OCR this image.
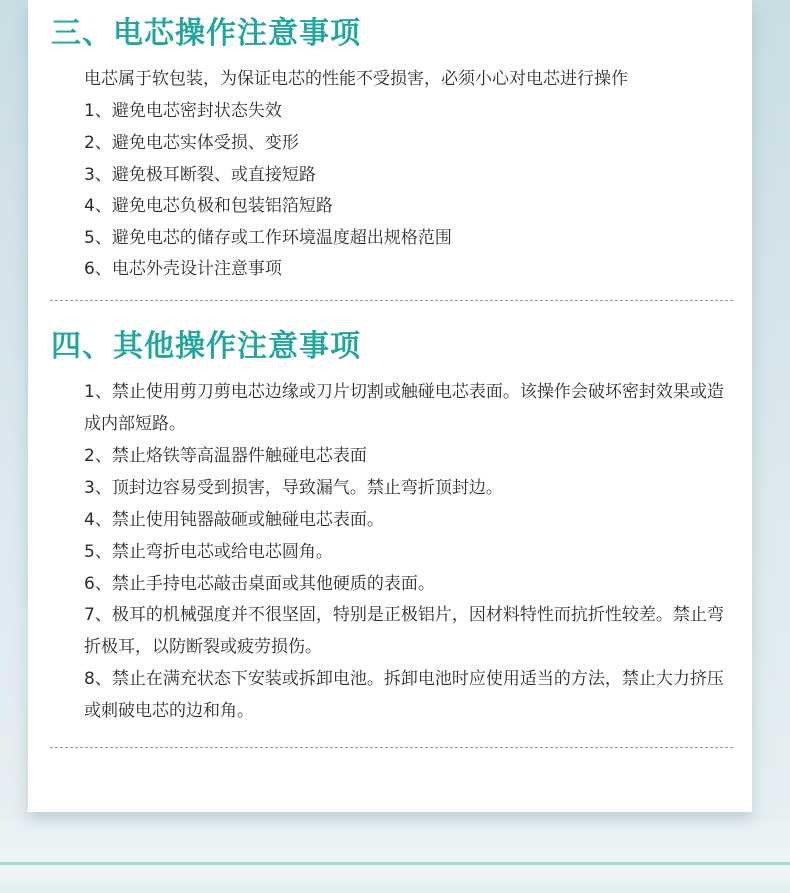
三、电芯操作注意事项

电芯属于软包装，为保证电芯的性能不受损害，必须小心对电芯进行操作

1、避免电芯密封状态失效

2、避免电芯实体受损、变形

3、避免极耳断裂、或直接短路

4、避免电芯负极和包装铝箔短路

5、避免电芯的储存或工作环境温度超出规格范围

6、电芯外壳设计注意事项

四、其他操作注意事项

1、禁止使用剪刀剪电芯边缘或刀片切割或触碰电芯表面。该操作会破坏密封效果或造成内部短路。

2、禁止烙铁等高温器件触碰电芯表面

3、顶封边容易受到损害，导致漏气。禁止弯折顶封边。

4、禁止使用钝器敲砸或触碰电芯表面。

5、禁止弯折电芯或给电芯圆角。

6、禁止手持电芯敲击桌面或其他硬质的表面。

7、极耳的机械强度并不很坚固，特别是正极铝片，因材料特性而抗折性较差。禁止弯折极耳，以防断裂或疲劳损伤。

8、禁止在满充状态下安装或拆卸电池。拆卸电池时应使用适当的方法，禁止大力挤压或刺破电芯的边和角。
